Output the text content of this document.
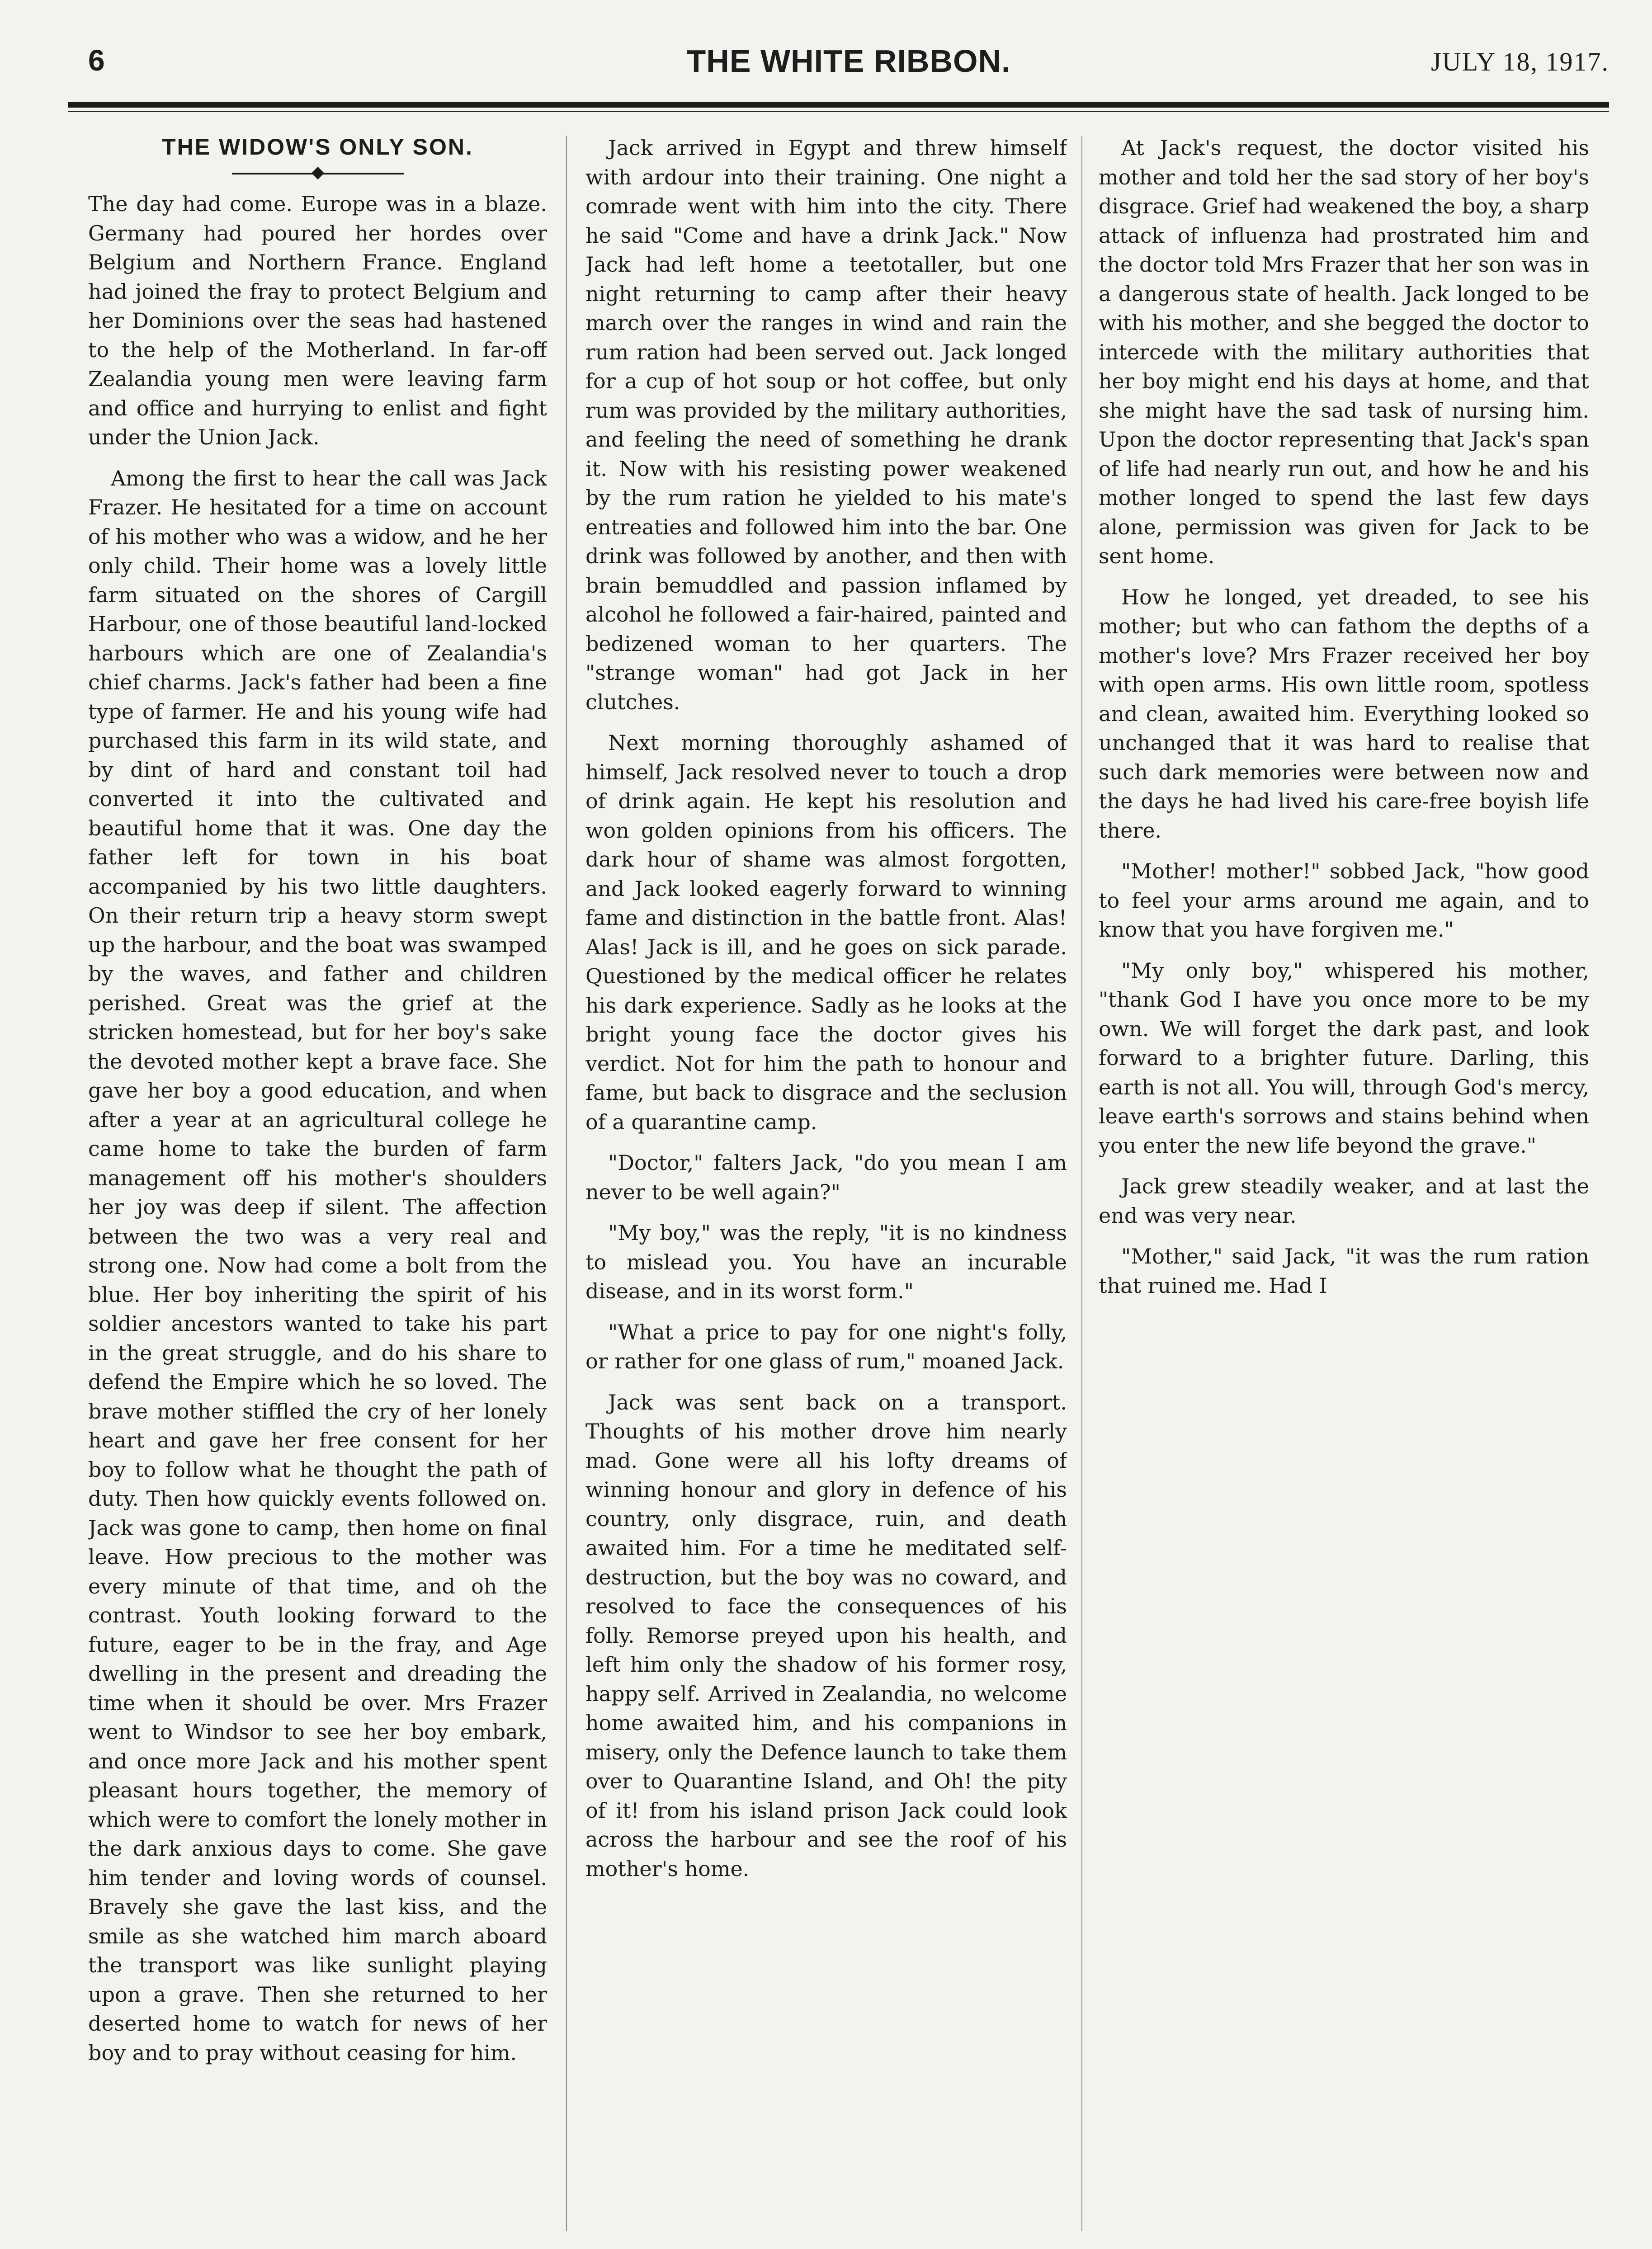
6	THE WHITE RIBBON.	JULY 18, 1917.
THE WIDOW'S ONLY SON.

The day had come. Europe was in a blaze. Germany had poured her hordes over Belgium and Northern France. England had joined the fray to protect Belgium and her Dominions over the seas had hastened to the help of the Motherland. In far-off Zealandia young men were leaving farm and office and hurrying to enlist and fight under the Union Jack.

Among the first to hear the call was Jack Frazer. He hesitated for a time on account of his mother who was a widow, and he her only child. Their home was a lovely little farm situated on the shores of Cargill Harbour, one of those beautiful land-locked harbours which are one of Zealandia's chief charms. Jack's father had been a fine type of farmer. He and his young wife had purchased this farm in its wild state, and by dint of hard and constant toil had converted it into the cultivated and beautiful home that it was. One day the father left for town in his boat accompanied by his two little daughters. On their return trip a heavy storm swept up the harbour, and the boat was swamped by the waves, and father and children perished. Great was the grief at the stricken homestead, but for her boy's sake the devoted mother kept a brave face. She gave her boy a good education, and when after a year at an agricultural college he came home to take the burden of farm management off his mother's shoulders her joy was deep if silent. The affection between the two was a very real and strong one. Now had come a bolt from the blue. Her boy inheriting the spirit of his soldier ancestors wanted to take his part in the great struggle, and do his share to defend the Empire which he so loved. The brave mother stiffled the cry of her lonely heart and gave her free consent for her boy to follow what he thought the path of duty. Then how quickly events followed on. Jack was gone to camp, then home on final leave. How precious to the mother was every minute of that time, and oh the contrast. Youth looking forward to the future, eager to be in the fray, and Age dwelling in the present and dreading the time when it should be over. Mrs Frazer went to Windsor to see her boy embark, and once more Jack and his mother spent pleasant hours together, the memory of which were to comfort the lonely mother in the dark anxious days to come. She gave him tender and loving words of counsel. Bravely she gave the last kiss, and the smile as she watched him march aboard the transport was like sunlight playing upon a grave. Then she returned to her deserted home to watch for news of her boy and to pray without ceasing for him.

Jack arrived in Egypt and threw himself with ardour into their training. One night a comrade went with him into the city. There he said "Come and have a drink Jack." Now Jack had left home a teetotaller, but one night returning to camp after their heavy march over the ranges in wind and rain the rum ration had been served out. Jack longed for a cup of hot soup or hot coffee, but only rum was provided by the military authorities, and feeling the need of something he drank it. Now with his resisting power weakened by the rum ration he yielded to his mate's entreaties and followed him into the bar. One drink was followed by another, and then with brain bemuddled and passion inflamed by alcohol he followed a fair-haired, painted and bedizened woman to her quarters. The "strange woman" had got Jack in her clutches.

Next morning thoroughly ashamed of himself, Jack resolved never to touch a drop of drink again. He kept his resolution and won golden opinions from his officers. The dark hour of shame was almost forgotten, and Jack looked eagerly forward to winning fame and distinction in the battle front. Alas! Alas! Jack is ill, and he goes on sick parade. Questioned by the medical officer he relates his dark experience. Sadly as he looks at the bright young face the doctor gives his verdict. Not for him the path to honour and fame, but back to disgrace and the seclusion of a quarantine camp.

"Doctor," falters Jack, "do you mean I am never to be well again?"

"My boy," was the reply, "it is no kindness to mislead you. You have an incurable disease, and in its worst form."

"What a price to pay for one night's folly, or rather for one glass of rum," moaned Jack.

Jack was sent back on a transport. Thoughts of his mother drove him nearly mad. Gone were all his lofty dreams of winning honour and glory in defence of his country, only disgrace, ruin, and death awaited him. For a time he meditated self-destruction, but the boy was no coward, and resolved to face the consequences of his folly. Remorse preyed upon his health, and left him only the shadow of his former rosy, happy self. Arrived in Zealandia, no welcome home awaited him, and his companions in misery, only the Defence launch to take them over to Quarantine Island, and Oh! the pity of it! from his island prison Jack could look across the harbour and see the roof of his mother's home.

At Jack's request, the doctor visited his mother and told her the sad story of her boy's disgrace. Grief had weakened the boy, a sharp attack of influenza had prostrated him and the doctor told Mrs Frazer that her son was in a dangerous state of health. Jack longed to be with his mother, and she begged the doctor to intercede with the military authorities that her boy might end his days at home, and that she might have the sad task of nursing him. Upon the doctor representing that Jack's span of life had nearly run out, and how he and his mother longed to spend the last few days alone, permission was given for Jack to be sent home.

How he longed, yet dreaded, to see his mother; but who can fathom the depths of a mother's love? Mrs Frazer received her boy with open arms. His own little room, spotless and clean, awaited him. Everything looked so unchanged that it was hard to realise that such dark memories were between now and the days he had lived his care-free boyish life there.

"Mother! mother!" sobbed Jack, "how good to feel your arms around me again, and to know that you have forgiven me."

"My only boy," whispered his mother, "thank God I have you once more to be my own. We will forget the dark past, and look forward to a brighter future. Darling, this earth is not all. You will, through God's mercy, leave earth's sorrows and stains behind when you enter the new life beyond the grave."

Jack grew steadily weaker, and at last the end was very near.

"Mother," said Jack, "it was the rum ration that ruined me. Had I
